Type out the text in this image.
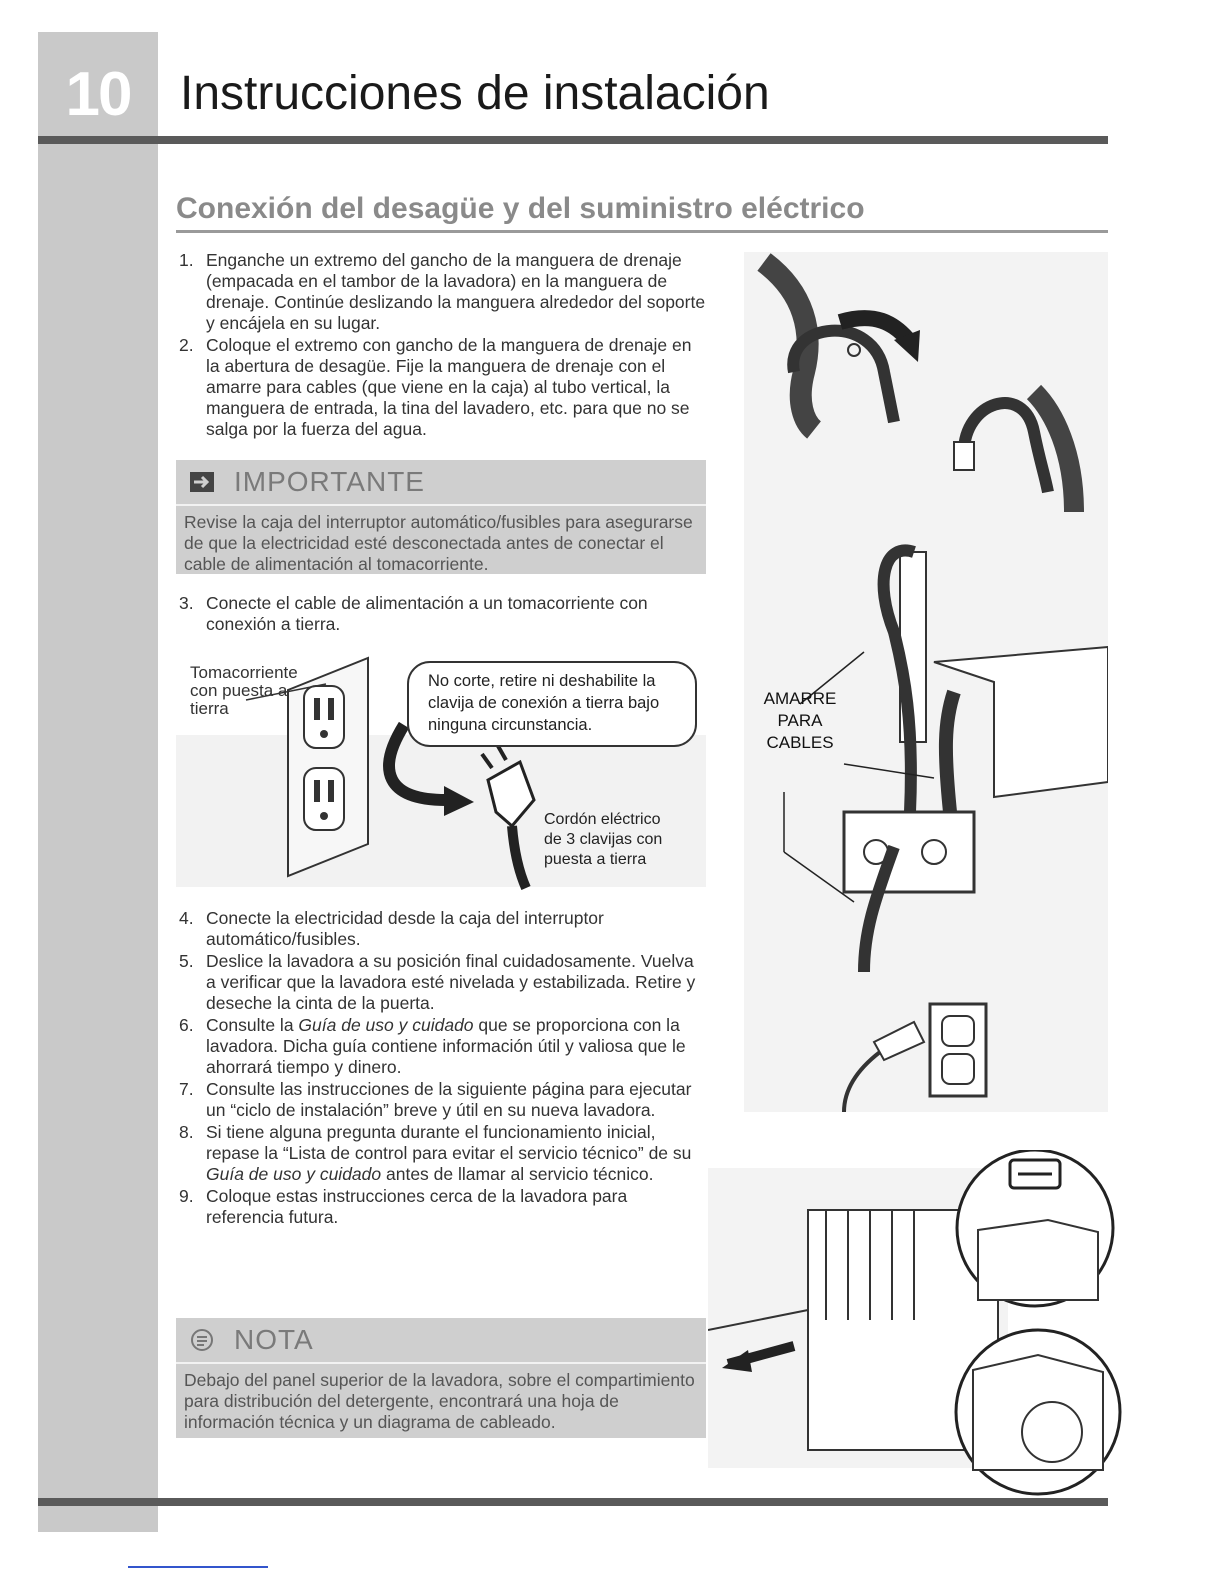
10	Instrucciones de instalación
Conexión del desagüe y del suministro eléctrico
1. Enganche un extremo del gancho de la manguera de drenaje (empacada en el tambor de la lavadora) en la manguera de drenaje. Continúe deslizando la manguera alrededor del soporte y encájela en su lugar.
2. Coloque el extremo con gancho de la manguera de drenaje en la abertura de desagüe. Fije la manguera de drenaje con el amarre para cables (que viene en la caja) al tubo vertical, la manguera de entrada, la tina del lavadero, etc. para que no se salga por la fuerza del agua.
IMPORTANTE
Revise la caja del interruptor automático/fusibles para asegurarse de que la electricidad esté desconectada antes de conectar el cable de alimentación al tomacorriente.
3. Conecte el cable de alimentación a un tomacorriente con conexión a tierra.
Tomacorriente con puesta a tierra
No corte, retire ni deshabilite la clavija de conexión a tierra bajo ninguna circunstancia.
Cordón eléctrico de 3 clavijas con puesta a tierra
4. Conecte la electricidad desde la caja del interruptor automático/fusibles.
5. Deslice la lavadora a su posición final cuidadosamente. Vuelva a verificar que la lavadora esté nivelada y estabilizada. Retire y deseche la cinta de la puerta.
6. Consulte la Guía de uso y cuidado que se proporciona con la lavadora. Dicha guía contiene información útil y valiosa que le ahorrará tiempo y dinero.
7. Consulte las instrucciones de la siguiente página para ejecutar un “ciclo de instalación” breve y útil en su nueva lavadora.
8. Si tiene alguna pregunta durante el funcionamiento inicial, repase la “Lista de control para evitar el servicio técnico” de su Guía de uso y cuidado antes de llamar al servicio técnico.
9. Coloque estas instrucciones cerca de la lavadora para referencia futura.
NOTA
Debajo del panel superior de la lavadora, sobre el compartimiento para distribución del detergente, encontrará una hoja de información técnica y un diagrama de cableado.
AMARRE PARA CABLES
